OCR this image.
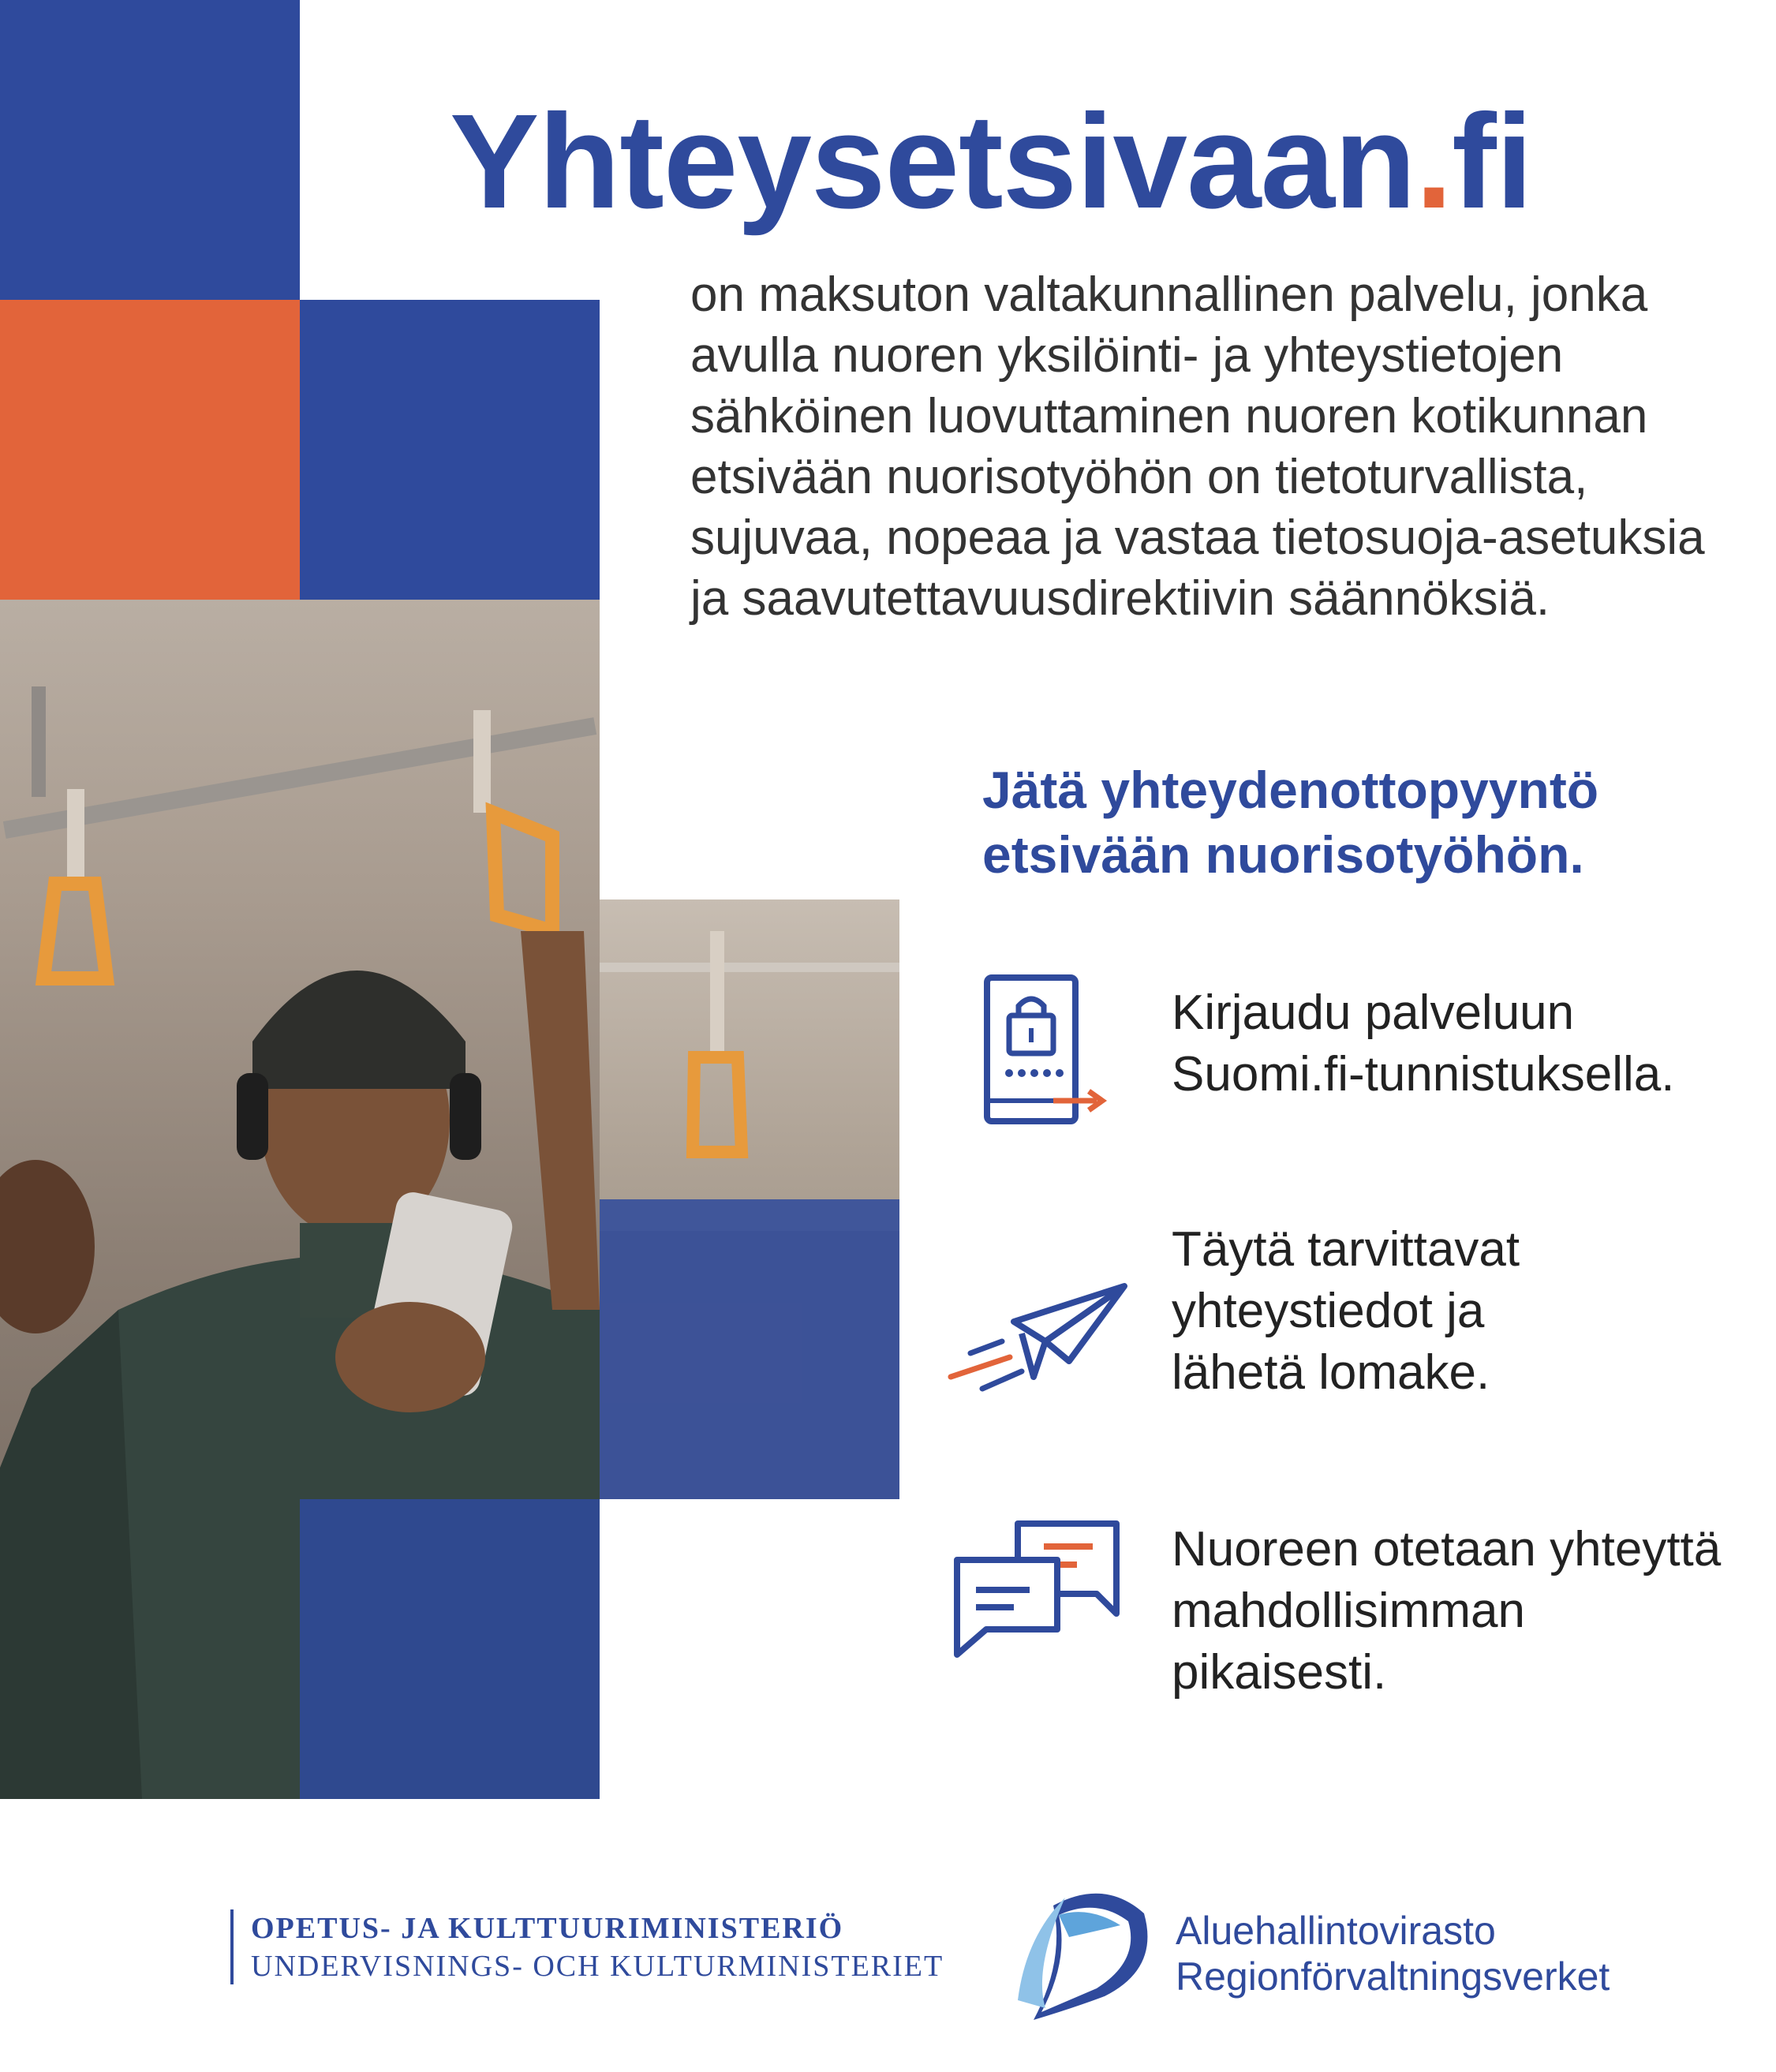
Yhteysetsivaan.fi
on maksuton valtakunnallinen palvelu, jonka
avulla nuoren yksilöinti- ja yhteystietojen
sähköinen luovuttaminen nuoren kotikunnan
etsivään nuorisotyöhön on tietoturvallista,
sujuvaa, nopeaa ja vastaa tietosuoja-asetuksia
ja saavutettavuusdirektiivin säännöksiä.
Jätä yhteydenottopyyntö
etsivään nuorisotyöhön.
Kirjaudu palveluun
Suomi.fi-tunnistuksella.
Täytä tarvittavat
yhteystiedot ja
lähetä lomake.
Nuoreen otetaan yhteyttä
mahdollisimman
pikaisesti.
OPETUS- JA KULTTUURIMINISTERIÖ
UNDERVISNINGS- OCH KULTURMINISTERIET
Aluehallintovirasto
Regionförvaltningsverket
